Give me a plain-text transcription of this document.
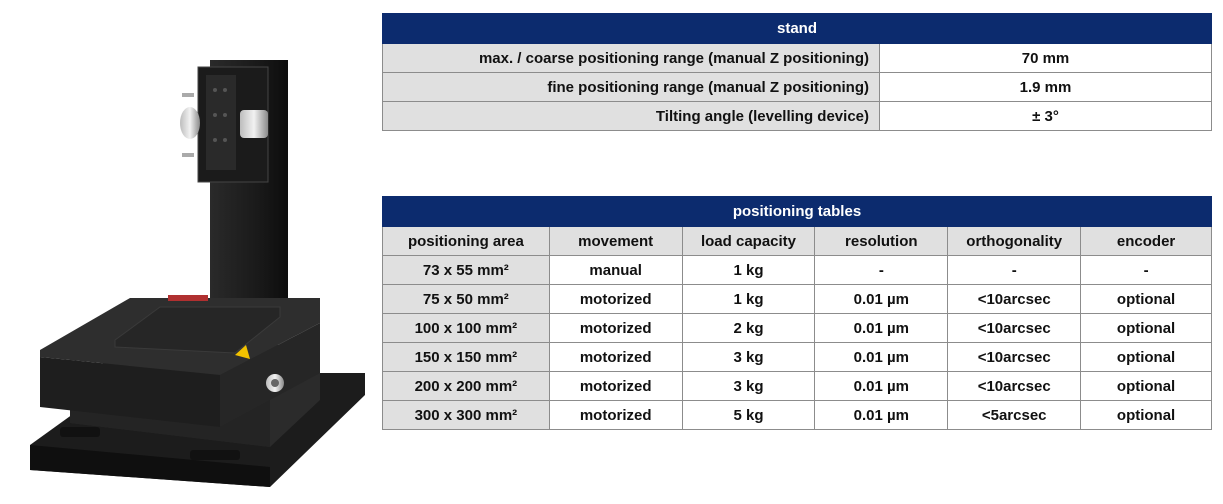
stand	
max. / coarse positioning range (manual Z positioning)	70 mm
fine positioning range (manual Z positioning)	1.9 mm
Tilting angle (levelling device)	± 3°
positioning tables					
positioning area	movement	load capacity	resolution	orthogonality	encoder
73 x 55 mm²	manual	1 kg	-	-	-
75 x 50 mm²	motorized	1 kg	0.01 µm	<10arcsec	optional
100 x 100 mm²	motorized	2 kg	0.01 µm	<10arcsec	optional
150 x 150 mm²	motorized	3 kg	0.01 µm	<10arcsec	optional
200 x 200 mm²	motorized	3 kg	0.01 µm	<10arcsec	optional
300 x 300 mm²	motorized	5 kg	0.01 µm	<5arcsec	optional
